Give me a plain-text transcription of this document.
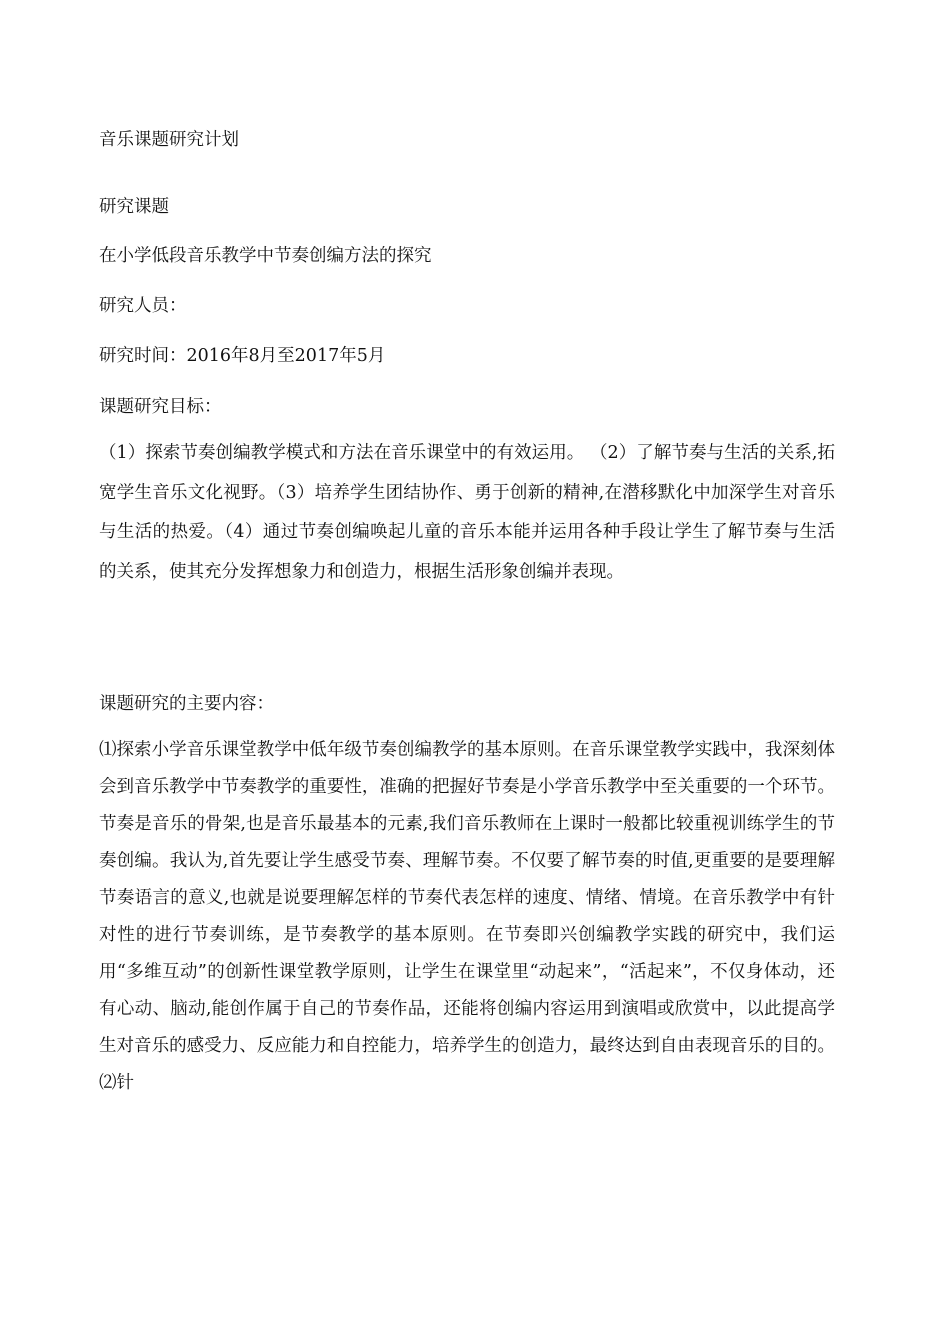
音乐课题研究计划
研究课题
在小学低段音乐教学中节奏创编方法的探究
研究人员：
研究时间：2016年8月至2017年5月
课题研究目标：
（1）探索节奏创编教学模式和方法在音乐课堂中的有效运用。 （2）了解节奏与生活的关系,拓宽学生音乐文化视野。（3）培养学生团结协作、勇于创新的精神,在潜移默化中加深学生对音乐与生活的热爱。（4）通过节奏创编唤起儿童的音乐本能并运用各种手段让学生了解节奏与生活的关系，使其充分发挥想象力和创造力，根据生活形象创编并表现。
课题研究的主要内容：
⑴探索小学音乐课堂教学中低年级节奏创编教学的基本原则。在音乐课堂教学实践中，我深刻体会到音乐教学中节奏教学的重要性，准确的把握好节奏是小学音乐教学中至关重要的一个环节。节奏是音乐的骨架,也是音乐最基本的元素,我们音乐教师在上课时一般都比较重视训练学生的节奏创编。我认为,首先要让学生感受节奏、理解节奏。不仅要了解节奏的时值,更重要的是要理解节奏语言的意义,也就是说要理解怎样的节奏代表怎样的速度、情绪、情境。在音乐教学中有针对性的进行节奏训练，是节奏教学的基本原则。在节奏即兴创编教学实践的研究中，我们运用“多维互动”的创新性课堂教学原则，让学生在课堂里“动起来”，“活起来”，不仅身体动，还有心动、脑动,能创作属于自己的节奏作品，还能将创编内容运用到演唱或欣赏中，以此提高学生对音乐的感受力、反应能力和自控能力，培养学生的创造力，最终达到自由表现音乐的目的。 ⑵针
